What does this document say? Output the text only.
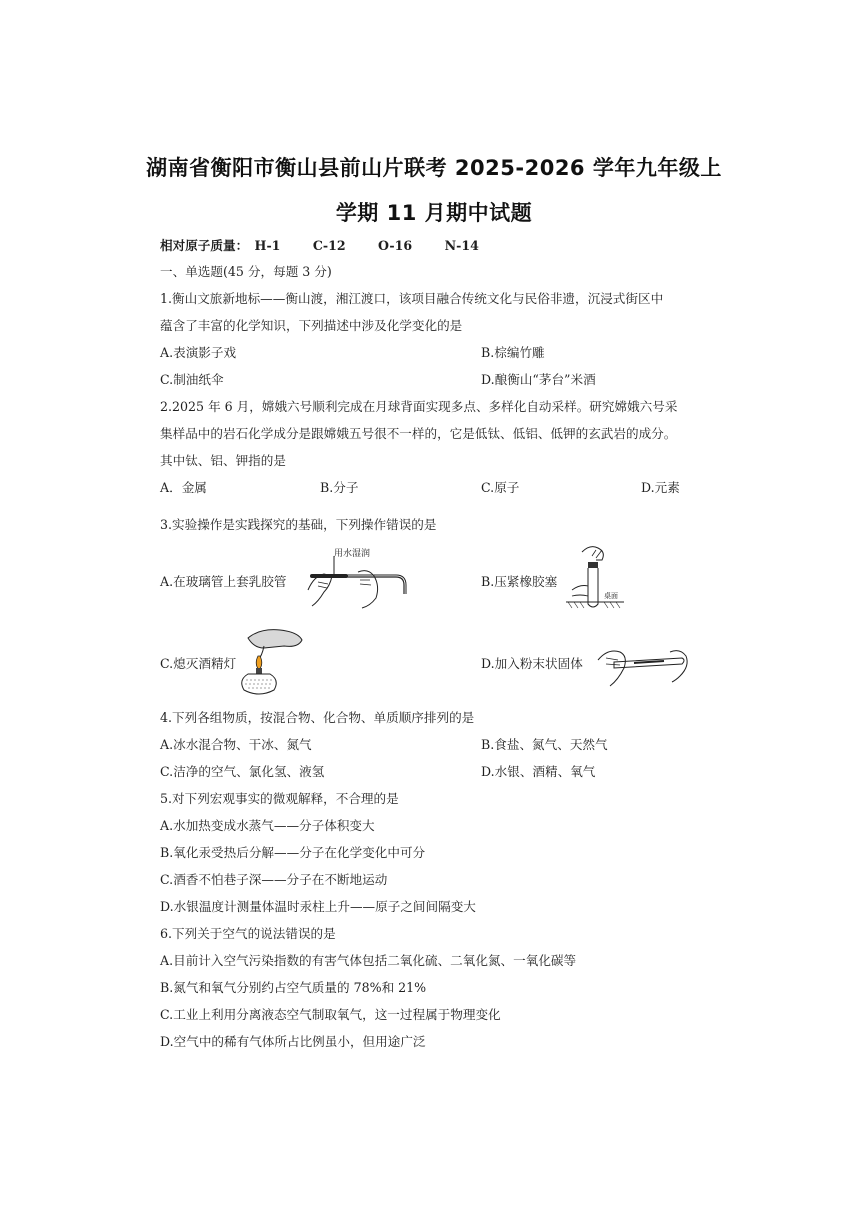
湖南省衡阳市衡山县前山片联考 2025-2026 学年九年级上
学期 11 月期中试题
相对原子质量： H-1	C-12	O-16	N-14
一、单选题(45 分，每题 3 分)
1.衡山文旅新地标——衡山渡，湘江渡口，该项目融合传统文化与民俗非遗，沉浸式街区中
蕴含了丰富的化学知识，下列描述中涉及化学变化的是
A.表演影子戏	B.棕编竹雕
C.制油纸伞	D.酿衡山“茅台”米酒
2.2025 年 6 月，嫦娥六号顺利完成在月球背面实现多点、多样化自动采样。研究嫦娥六号采
集样品中的岩石化学成分是跟嫦娥五号很不一样的，它是低钛、低铝、低钾的玄武岩的成分。
其中钛、铝、钾指的是
A．金属	B.分子	C.原子	D.元素
3.实验操作是实践探究的基础，下列操作错误的是
A.在玻璃管上套乳胶管	B.压紧橡胶塞
C.熄灭酒精灯	D.加入粉末状固体
用水湿润
桌面
4.下列各组物质，按混合物、化合物、单质顺序排列的是
A.冰水混合物、干冰、氮气	B.食盐、氮气、天然气
C.洁净的空气、氯化氢、液氢	D.水银、酒精、氧气
5.对下列宏观事实的微观解释，不合理的是
A.水加热变成水蒸气——分子体积变大
B.氧化汞受热后分解——分子在化学变化中可分
C.酒香不怕巷子深——分子在不断地运动
D.水银温度计测量体温时汞柱上升——原子之间间隔变大
6.下列关于空气的说法错误的是
A.目前计入空气污染指数的有害气体包括二氧化硫、二氧化氮、一氧化碳等
B.氮气和氧气分别约占空气质量的 78%和 21%
C.工业上利用分离液态空气制取氧气，这一过程属于物理变化
D.空气中的稀有气体所占比例虽小，但用途广泛
